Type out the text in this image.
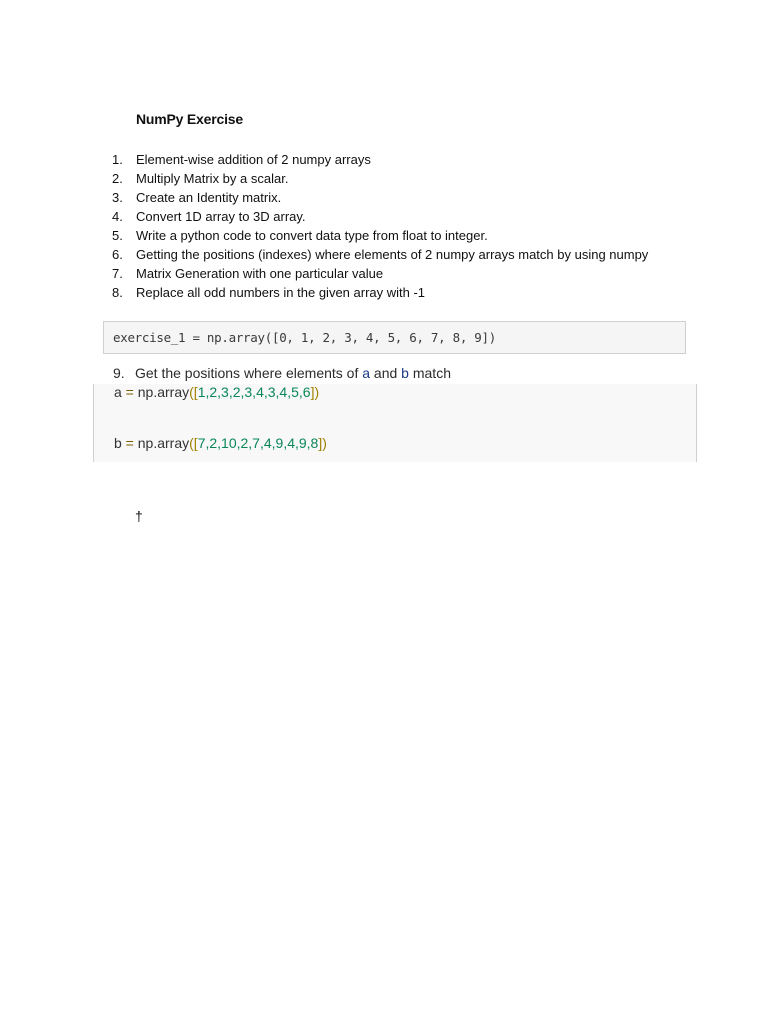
NumPy Exercise
1.	Element-wise addition of 2 numpy arrays
2.	Multiply Matrix by a scalar.
3.	Create an Identity matrix.
4.	Convert 1D array to 3D array.
5.	Write a python code to convert data type from float to integer.
6.	Getting the positions (indexes) where elements of 2 numpy arrays match by using numpy
7.	Matrix Generation with one particular value
8.	Replace all odd numbers in the given array with -1
exercise_1 = np.array([0, 1, 2, 3, 4, 5, 6, 7, 8, 9])
9. Get the positions where elements of a and b match
a = np.array([1,2,3,2,3,4,3,4,5,6])
b = np.array([7,2,10,2,7,4,9,4,9,8])
†
